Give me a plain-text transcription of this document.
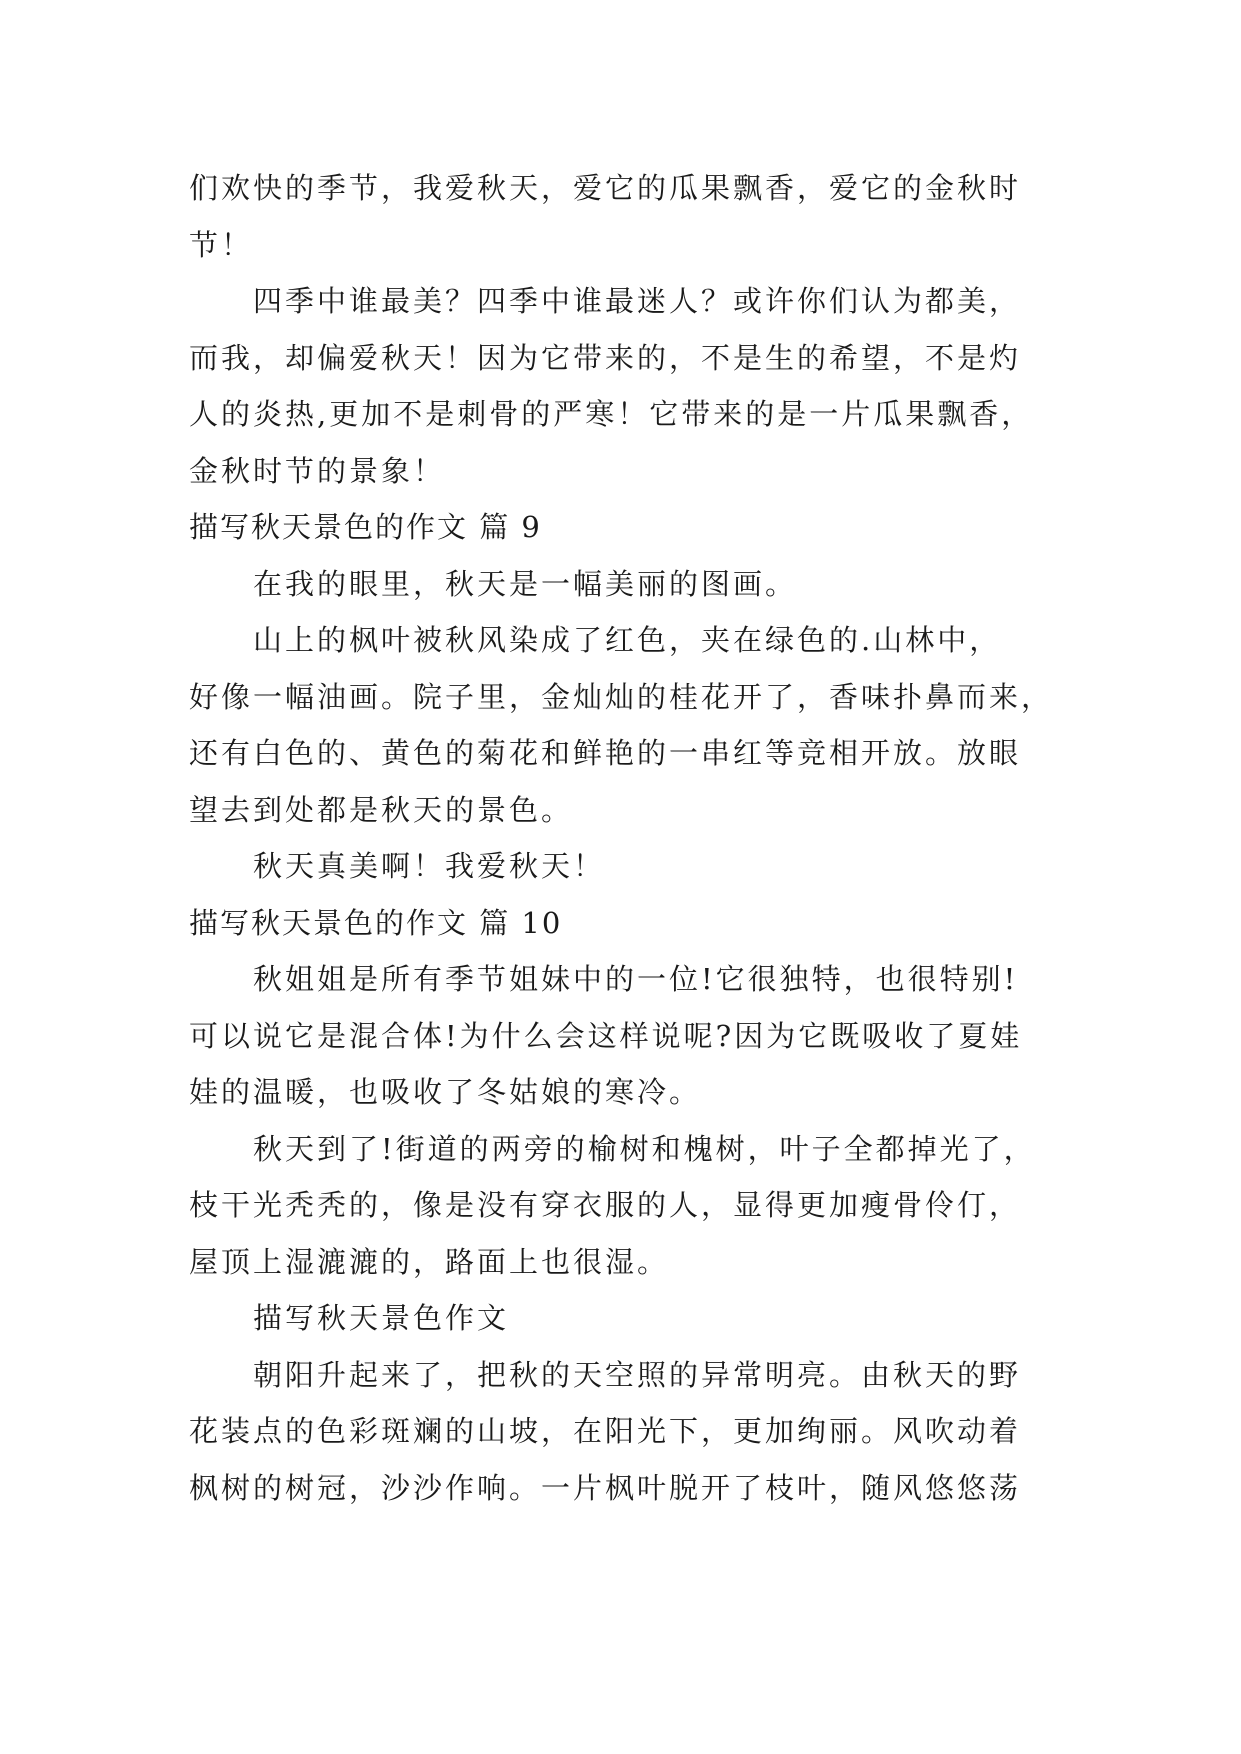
们欢快的季节，我爱秋天，爱它的瓜果飘香，爱它的金秋时
节！
四季中谁最美？四季中谁最迷人？或许你们认为都美，
而我，却偏爱秋天！因为它带来的，不是生的希望，不是灼
人的炎热,更加不是刺骨的严寒！它带来的是一片瓜果飘香，
金秋时节的景象！
描写秋天景色的作文 篇 9
在我的眼里，秋天是一幅美丽的图画。
山上的枫叶被秋风染成了红色，夹在绿色的.山林中，
好像一幅油画。院子里，金灿灿的桂花开了，香味扑鼻而来，
还有白色的、黄色的菊花和鲜艳的一串红等竞相开放。放眼
望去到处都是秋天的景色。
秋天真美啊！我爱秋天！
描写秋天景色的作文 篇 10
秋姐姐是所有季节姐妹中的一位!它很独特，也很特别!
可以说它是混合体!为什么会这样说呢?因为它既吸收了夏娃
娃的温暖，也吸收了冬姑娘的寒冷。
秋天到了!街道的两旁的榆树和槐树，叶子全都掉光了，
枝干光秃秃的，像是没有穿衣服的人，显得更加瘦骨伶仃，
屋顶上湿漉漉的，路面上也很湿。
描写秋天景色作文
朝阳升起来了，把秋的天空照的异常明亮。由秋天的野
花装点的色彩斑斓的山坡，在阳光下，更加绚丽。风吹动着
枫树的树冠，沙沙作响。一片枫叶脱开了枝叶，随风悠悠荡
